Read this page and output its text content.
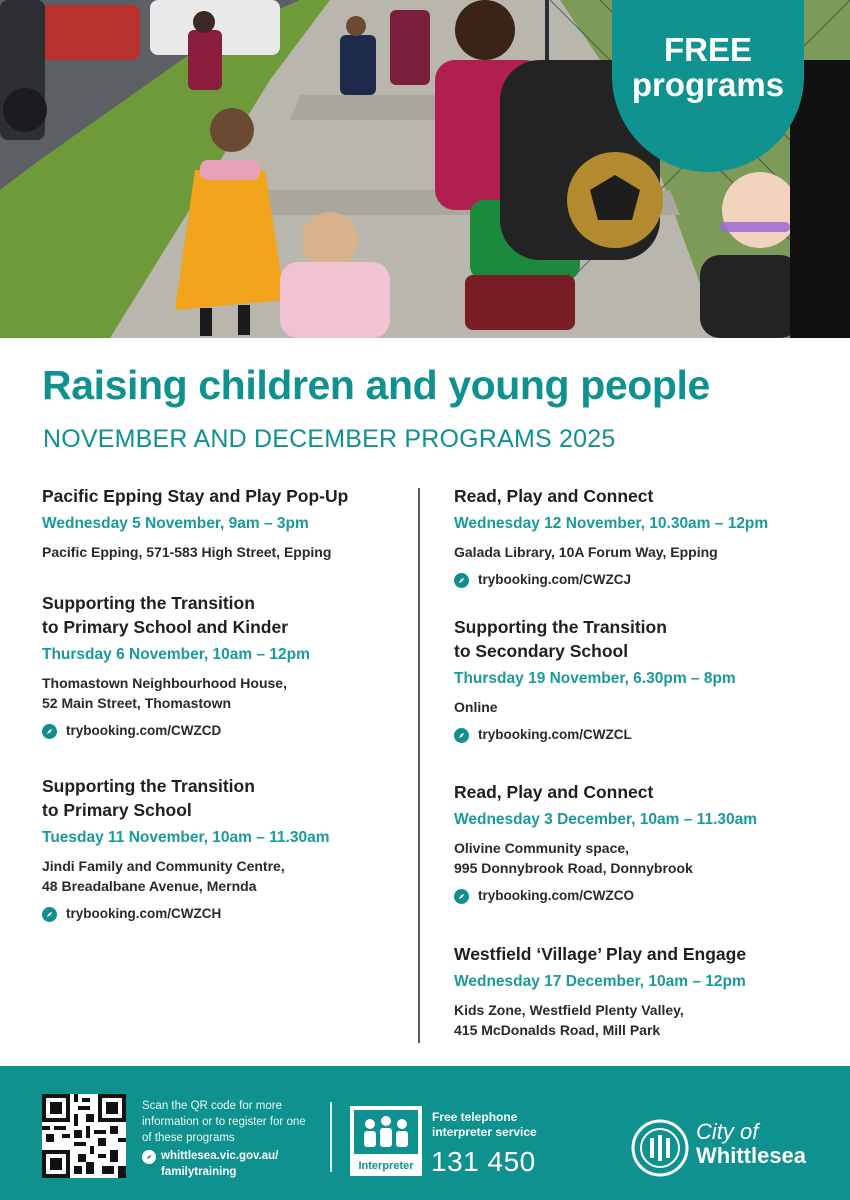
FREE
programs
Raising children and young people
NOVEMBER AND DECEMBER PROGRAMS 2025
Pacific Epping Stay and Play Pop-Up
Wednesday 5 November, 9am – 3pm
Pacific Epping, 571-583 High Street, Epping
Supporting the Transition
to Primary School and Kinder
Thursday 6 November, 10am – 12pm
Thomastown Neighbourhood House,
52 Main Street, Thomastown
trybooking.com/CWZCD
Supporting the Transition
to Primary School
Tuesday 11 November, 10am – 11.30am
Jindi Family and Community Centre,
48 Breadalbane Avenue, Mernda
trybooking.com/CWZCH
Read, Play and Connect
Wednesday 12 November, 10.30am – 12pm
Galada Library, 10A Forum Way, Epping
trybooking.com/CWZCJ
Supporting the Transition
to Secondary School
Thursday 19 November, 6.30pm – 8pm
Online
trybooking.com/CWZCL
Read, Play and Connect
Wednesday 3 December, 10am – 11.30am
Olivine Community space,
995 Donnybrook Road, Donnybrook
trybooking.com/CWZCO
Westfield ‘Village’ Play and Engage
Wednesday 17 December, 10am – 12pm
Kids Zone, Westfield Plenty Valley,
415 McDonalds Road, Mill Park
Scan the QR code for more information or to register for one of these programs
whittlesea.vic.gov.au/
familytraining	Interpreter
Free telephone
interpreter service
131 450
City of
Whittlesea
